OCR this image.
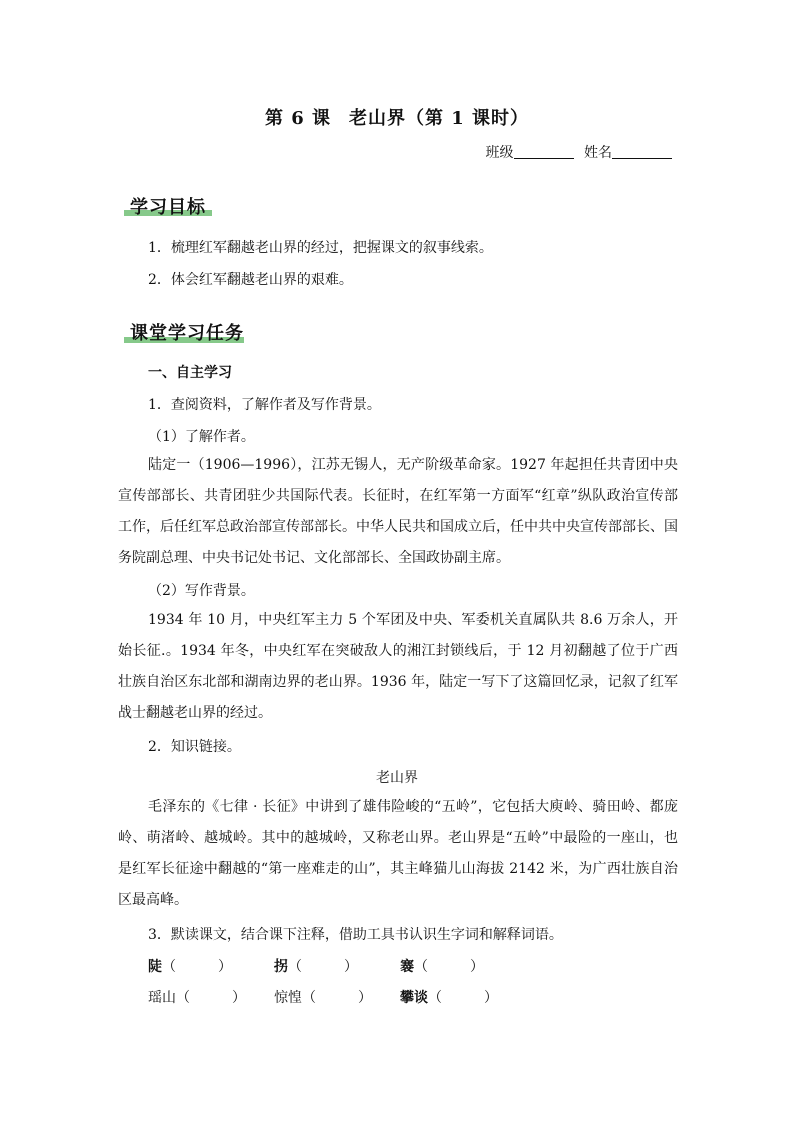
第 6 课 老山界（第 1 课时）
班级	姓名
学习目标
1．梳理红军翻越老山界的经过，把握课文的叙事线索。
2．体会红军翻越老山界的艰难。
课堂学习任务
一、自主学习
1．查阅资料，了解作者及写作背景。
（1）了解作者。
陆定一（1906—1996），江苏无锡人，无产阶级革命家。1927 年起担任共青团中央宣传部部长、共青团驻少共国际代表。长征时，在红军第一方面军“红章”纵队政治宣传部工作，后任红军总政治部宣传部部长。中华人民共和国成立后，任中共中央宣传部部长、国务院副总理、中央书记处书记、文化部部长、全国政协副主席。
（2）写作背景。
1934 年 10 月，中央红军主力 5 个军团及中央、军委机关直属队共 8.6 万余人，开始长征.。1934 年冬，中央红军在突破敌人的湘江封锁线后，于 12 月初翻越了位于广西壮族自治区东北部和湖南边界的老山界。1936 年，陆定一写下了这篇回忆录，记叙了红军战士翻越老山界的经过。
2．知识链接。
老山界
毛泽东的《七律 · 长征》中讲到了雄伟险峻的“五岭”，它包括大庾岭、骑田岭、都庞岭、萌渚岭、越城岭。其中的越城岭，又称老山界。老山界是“五岭”中最险的一座山，也是红军长征途中翻越的“第一座难走的山”，其主峰猫儿山海拔 2142 米，为广西壮族自治区最高峰。
3．默读课文，结合课下注释，借助工具书认识生字词和解释词语。
陡（　　　）	拐（　　　）	褰（　　　）
瑶山（　　　） 惊惶（　　　） 攀谈（　　　）
